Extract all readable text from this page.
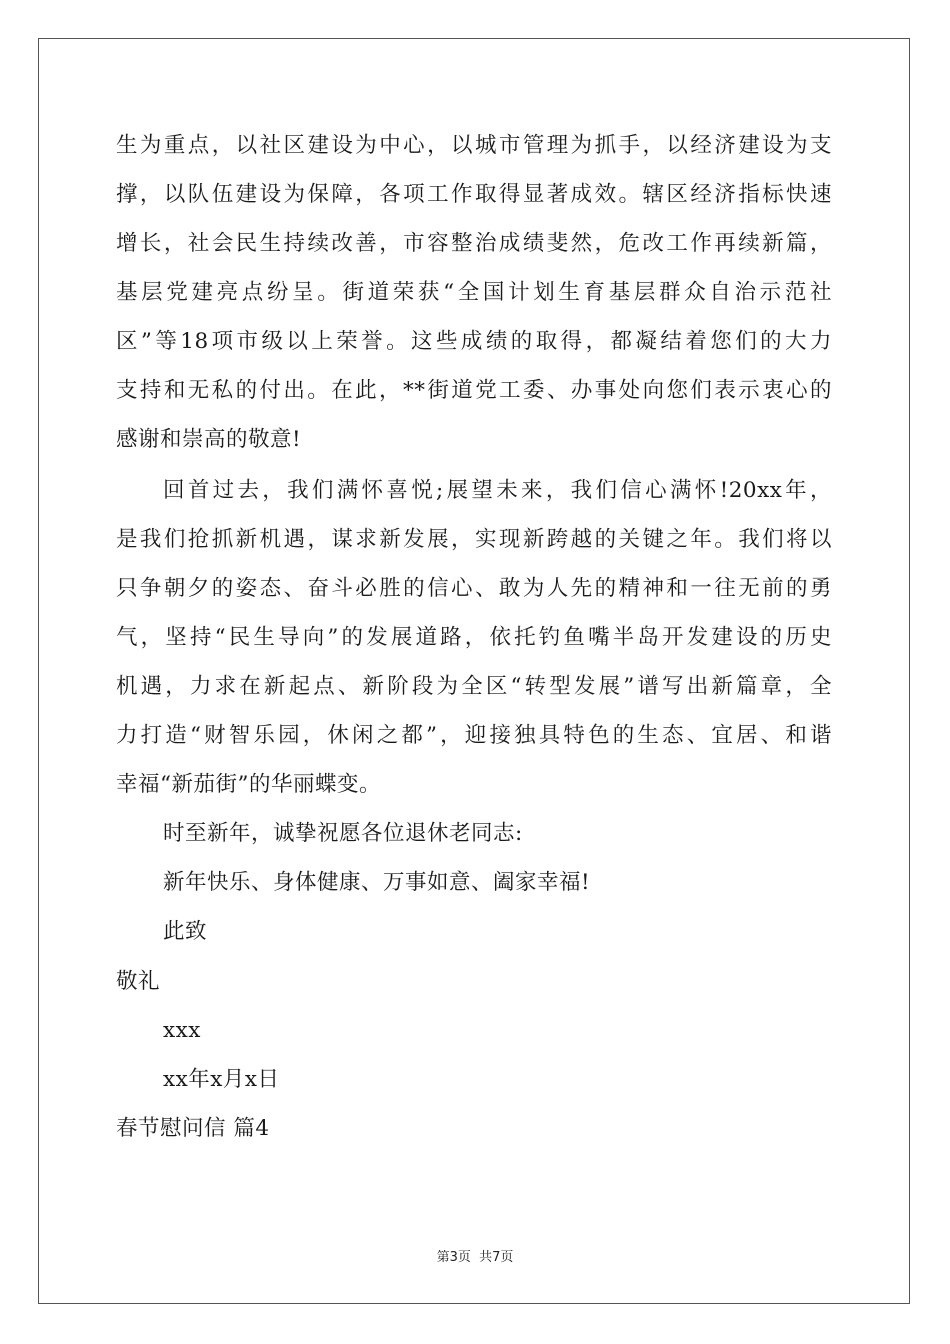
生为重点，以社区建设为中心，以城市管理为抓手，以经济建设为支
撑，以队伍建设为保障，各项工作取得显著成效。辖区经济指标快速
增长，社会民生持续改善，市容整治成绩斐然，危改工作再续新篇，
基层党建亮点纷呈。街道荣获“全国计划生育基层群众自治示范社
区”等18项市级以上荣誉。这些成绩的取得，都凝结着您们的大力
支持和无私的付出。在此，**街道党工委、办事处向您们表示衷心的
感谢和崇高的敬意!
回首过去，我们满怀喜悦;展望未来，我们信心满怀!20xx年，
是我们抢抓新机遇，谋求新发展，实现新跨越的关键之年。我们将以
只争朝夕的姿态、奋斗必胜的信心、敢为人先的精神和一往无前的勇
气，坚持“民生导向”的发展道路，依托钓鱼嘴半岛开发建设的历史
机遇，力求在新起点、新阶段为全区“转型发展”谱写出新篇章，全
力打造“财智乐园，休闲之都”，迎接独具特色的生态、宜居、和谐
幸福“新茄街”的华丽蝶变。
时至新年，诚挚祝愿各位退休老同志:
新年快乐、身体健康、万事如意、阖家幸福!
此致
敬礼
xxx
xx年x月x日
春节慰问信 篇4
第3页 共7页
